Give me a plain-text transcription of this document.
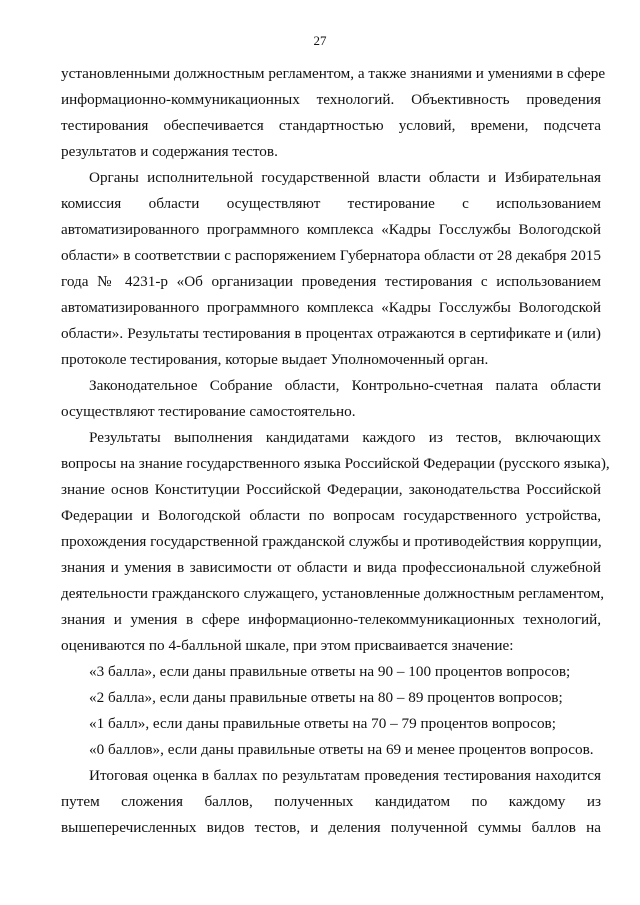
27
установленными должностным регламентом, а также знаниями и умениями в сфере
информационно-коммуникационных технологий. Объективность проведения
тестирования обеспечивается стандартностью условий, времени, подсчета
результатов и содержания тестов.
Органы исполнительной государственной власти области и Избирательная
комиссия области осуществляют тестирование с использованием
автоматизированного программного комплекса «Кадры Госслужбы Вологодской
области» в соответствии с распоряжением Губернатора области от 28 декабря 2015
года № 4231-р «Об организации проведения тестирования с использованием
автоматизированного программного комплекса «Кадры Госслужбы Вологодской
области». Результаты тестирования в процентах отражаются в сертификате и (или)
протоколе тестирования, которые выдает Уполномоченный орган.
Законодательное Собрание области, Контрольно-счетная палата области
осуществляют тестирование самостоятельно.
Результаты выполнения кандидатами каждого из тестов, включающих
вопросы на знание государственного языка Российской Федерации (русского языка),
знание основ Конституции Российской Федерации, законодательства Российской
Федерации и Вологодской области по вопросам государственного устройства,
прохождения государственной гражданской службы и противодействия коррупции,
знания и умения в зависимости от области и вида профессиональной служебной
деятельности гражданского служащего, установленные должностным регламентом,
знания и умения в сфере информационно-телекоммуникационных технологий,
оцениваются по 4-балльной шкале, при этом присваивается значение:
«3 балла», если даны правильные ответы на 90 – 100 процентов вопросов;
«2 балла», если даны правильные ответы на 80 – 89 процентов вопросов;
«1 балл», если даны правильные ответы на 70 – 79 процентов вопросов;
«0 баллов», если даны правильные ответы на 69 и менее процентов вопросов.
Итоговая оценка в баллах по результатам проведения тестирования находится
путем сложения баллов, полученных кандидатом по каждому из
вышеперечисленных видов тестов, и деления полученной суммы баллов на
